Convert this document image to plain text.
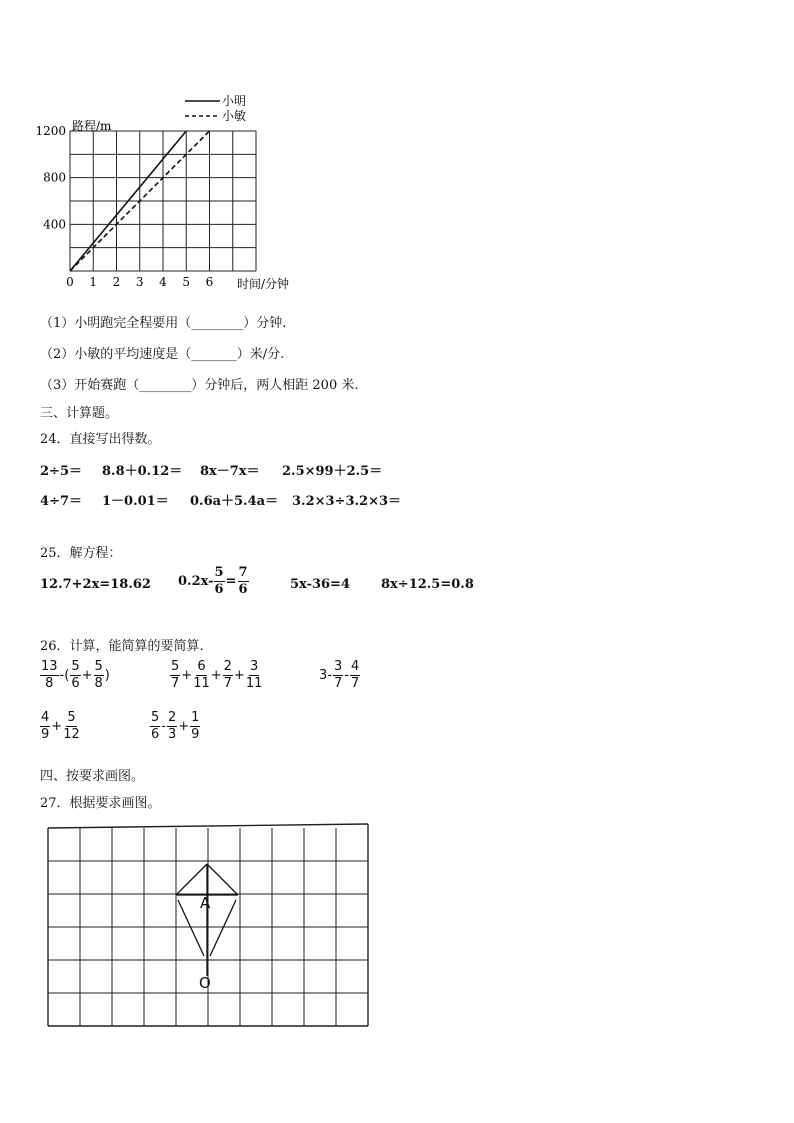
0 1 2 3 4 5 6
400
800
1200 路程/m
时间/分钟
小明
小敏
（1）小明跑完全程要用（________）分钟.
（2）小敏的平均速度是（_______）米/分.
（3）开始赛跑（________）分钟后，两人相距 200 米.
三、计算题。
24．直接写出得数。
2÷5＝ 8.8＋0.12＝ 8x－7x＝ 2.5×99＋2.5＝
4÷7＝ 1－0.01＝ 0.6a＋5.4a＝ 3.2×3÷3.2×3＝
25．解方程：
12.7+2x=18.62 $0.2x- \frac{5}{6} = \frac{7}{6}$	5x-36=4 8x÷12.5=0.8
26．计算，能简算的要简算.
$\frac{13}{8}$ -( $\frac{5}{6} + \frac{5}{8}$ )	$\frac{5}{7} + \frac{6}{11} + \frac{2}{7} + \frac{3}{11}$	$3- \frac{3}{7} - \frac{4}{7}$
$\frac{4}{9} + \frac{5}{12}$	$\frac{5}{6} - \frac{2}{3} + \frac{1}{9}$
四、按要求画图。
27．根据要求画图。
A
O
